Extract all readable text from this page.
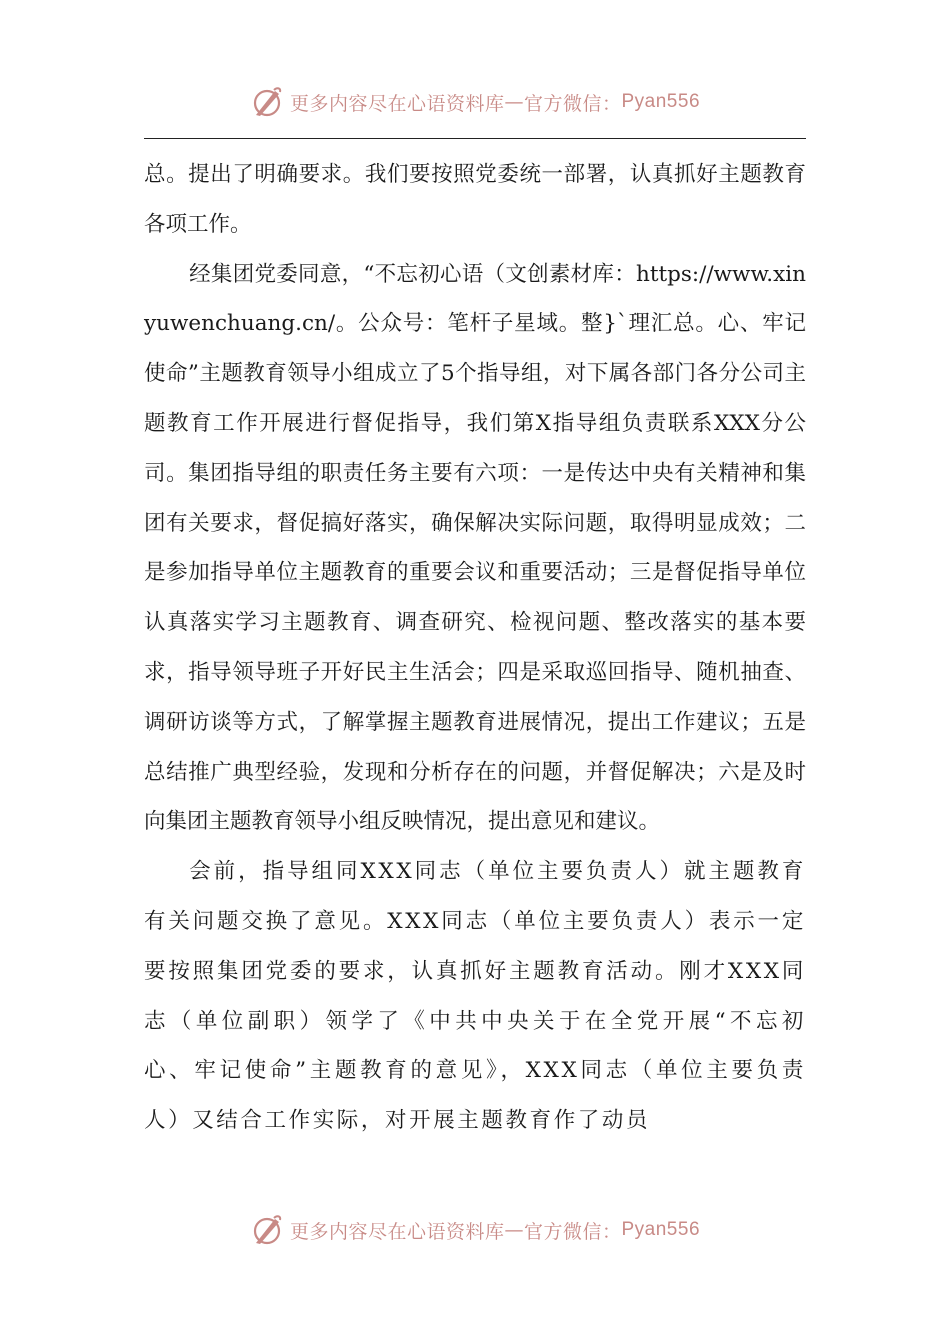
更多内容尽在心语资料库 — 官方微信： Pyan556

总。提出了明确要求。我们要按照党委统一部署，认真抓好主题教育各项工作。

经集团党委同意，“不忘初心语（文创素材库：https://www.xinyuwenchuang.cn/。公众号：笔杆子星域。整}`理汇总。心、牢记使命”主题教育领导小组成立了5个指导组，对下属各部门各分公司主题教育工作开展进行督促指导，我们第X指导组负责联系XXX分公司。集团指导组的职责任务主要有六项：一是传达中央有关精神和集团有关要求，督促搞好落实，确保解决实际问题，取得明显成效；二是参加指导单位主题教育的重要会议和重要活动；三是督促指导单位认真落实学习主题教育、调查研究、检视问题、整改落实的基本要求，指导领导班子开好民主生活会；四是采取巡回指导、随机抽查、调研访谈等方式，了解掌握主题教育进展情况，提出工作建议；五是总结推广典型经验，发现和分析存在的问题，并督促解决；六是及时向集团主题教育领导小组反映情况，提出意见和建议。

会前，指导组同XXX同志（单位主要负责人）就主题教育有关问题交换了意见。XXX同志（单位主要负责人）表示一定要按照集团党委的要求，认真抓好主题教育活动。刚才XXX同志（单位副职）领学了《中共中央关于在全党开展“不忘初心、牢记使命”主题教育的意见》，XXX同志（单位主要负责人）又结合工作实际，对开展主题教育作了动员

更多内容尽在心语资料库 — 官方微信： Pyan556
